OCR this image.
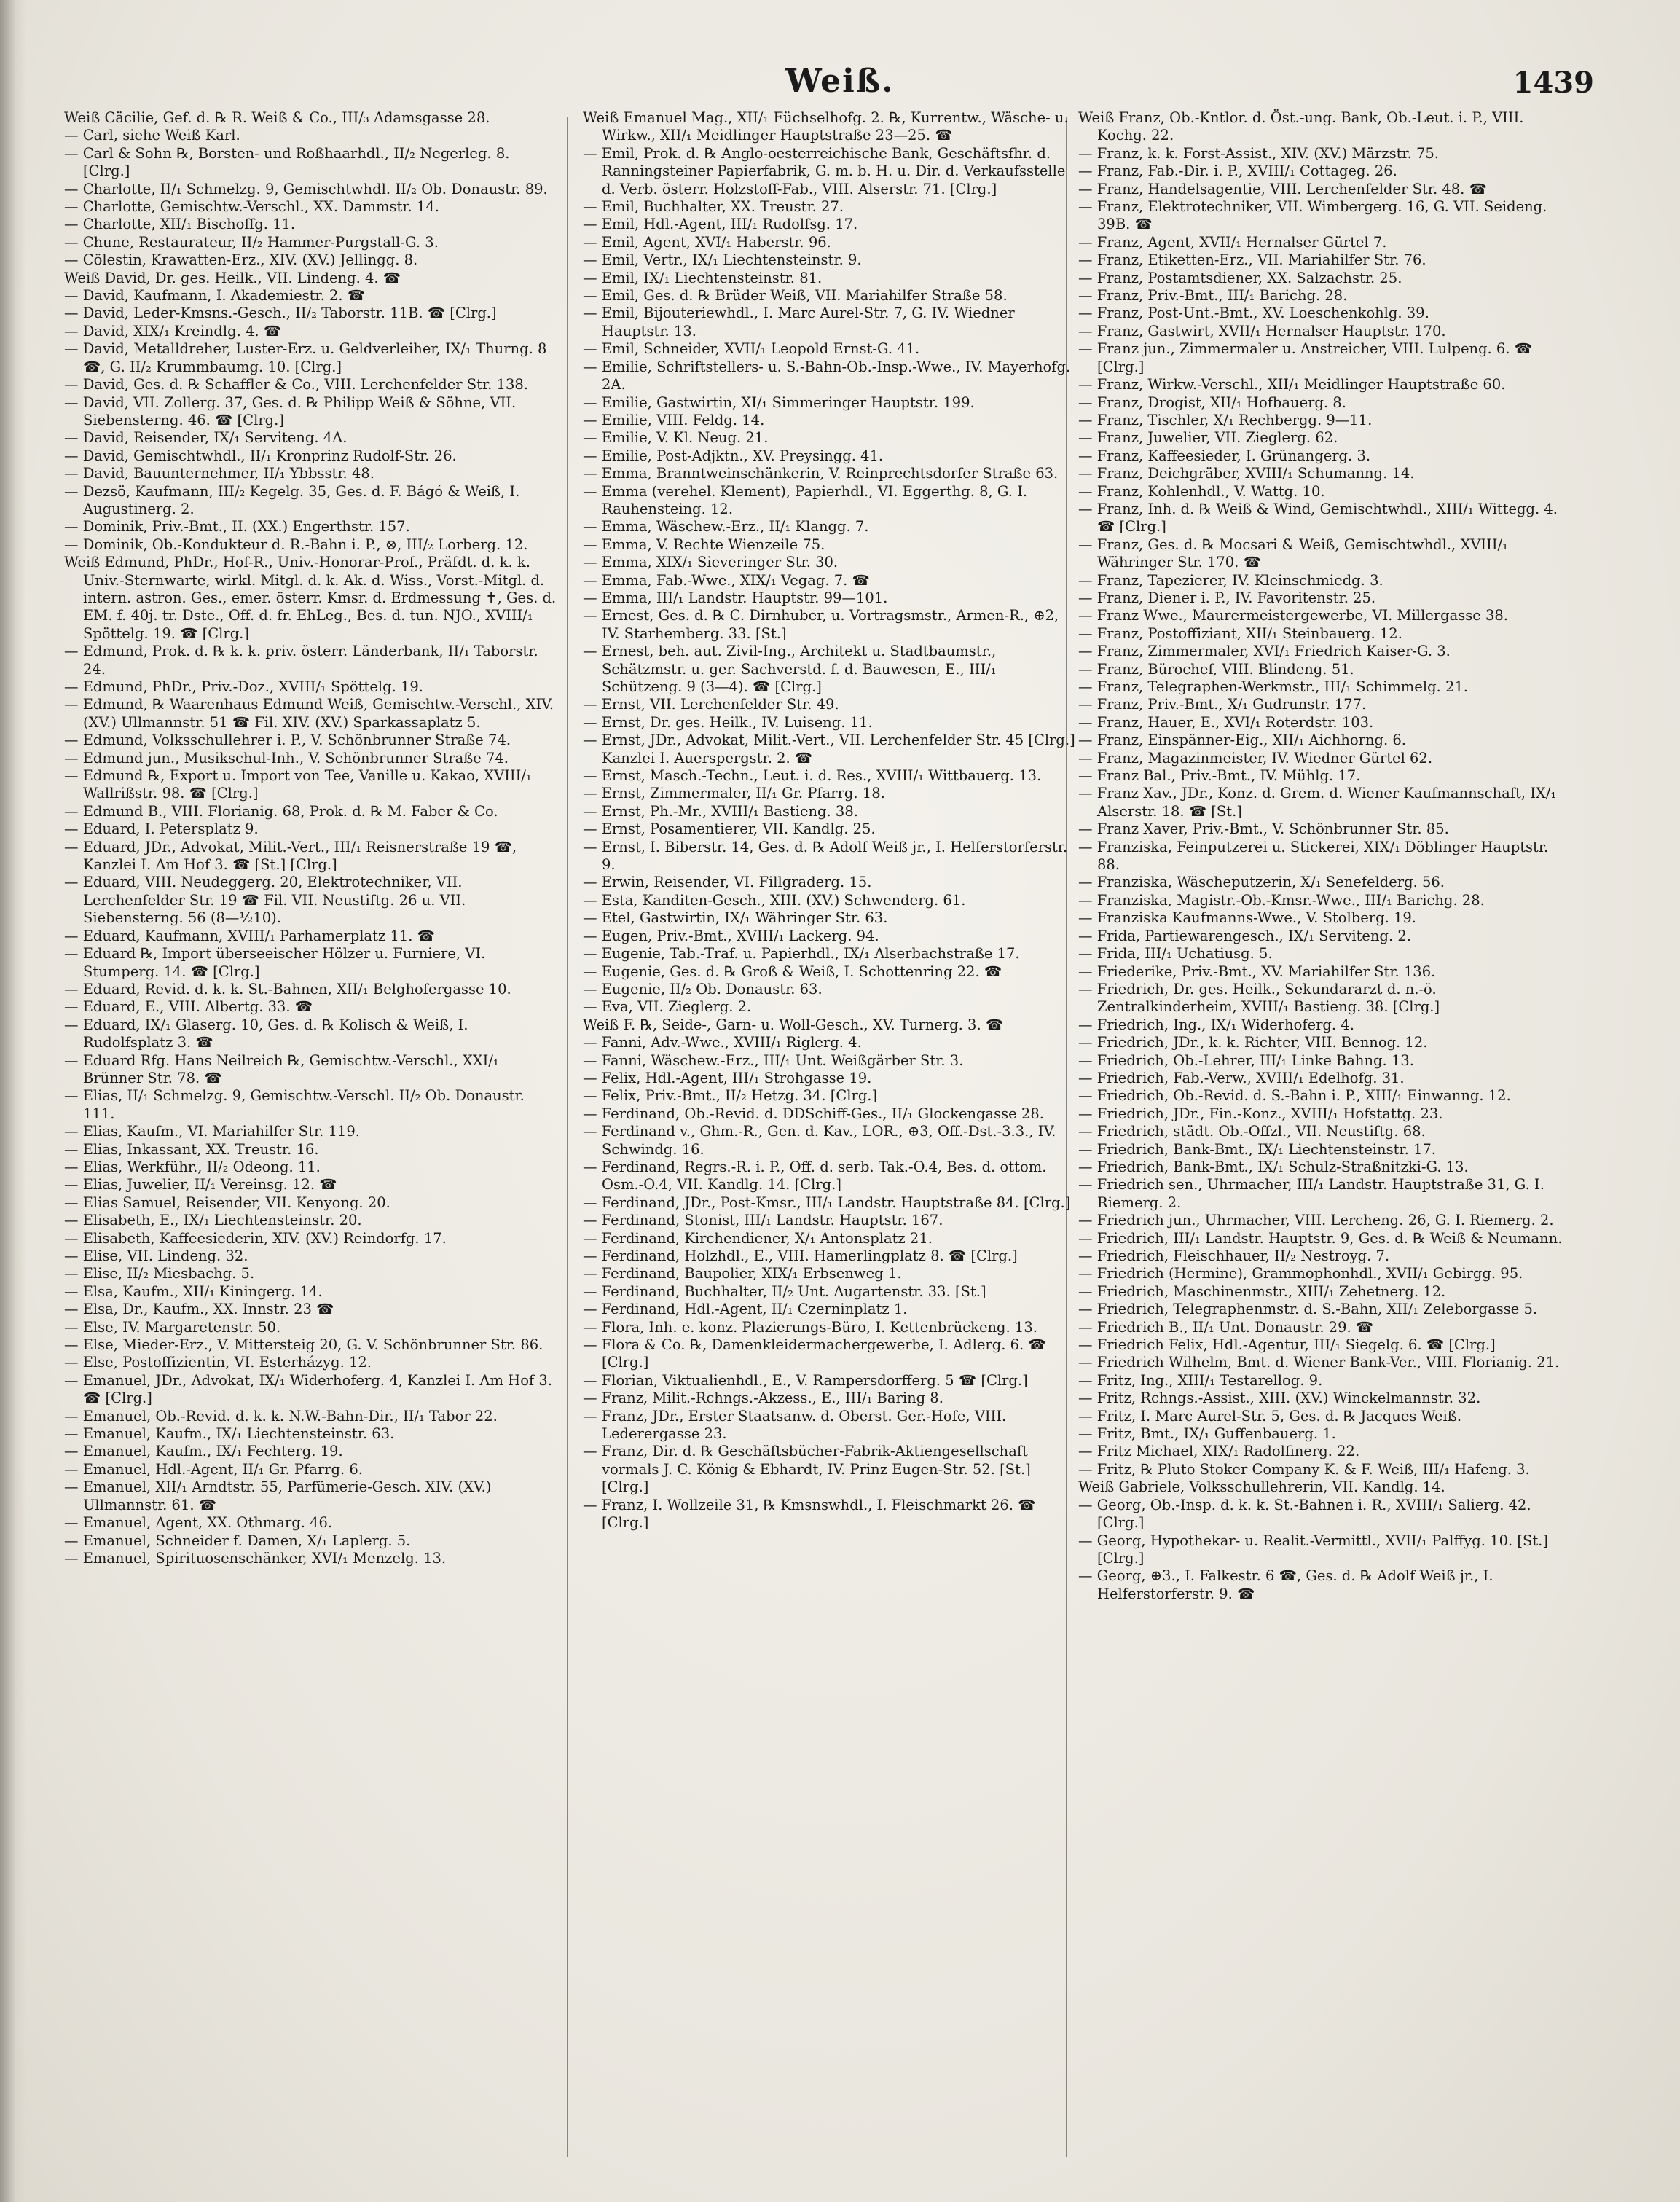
Weiß.	1439

Weiß Cäcilie, Gef. d. ℞ R. Weiß & Co., III/₃ Adamsgasse 28.

— Carl, siehe Weiß Karl.

— Carl & Sohn ℞, Borsten- und Roßhaarhdl., II/₂ Negerleg. 8. [Clrg.]

— Charlotte, II/₁ Schmelzg. 9, Gemischtwhdl. II/₂ Ob. Donaustr. 89.

— Charlotte, Gemischtw.-Verschl., XX. Dammstr. 14.

— Charlotte, XII/₁ Bischoffg. 11.

— Chune, Restaurateur, II/₂ Hammer-Purgstall-G. 3.

— Cölestin, Krawatten-Erz., XIV. (XV.) Jellingg. 8.

Weiß David, Dr. ges. Heilk., VII. Lindeng. 4. ☎

— David, Kaufmann, I. Akademiestr. 2. ☎

— David, Leder-Kmsns.-Gesch., II/₂ Taborstr. 11B. ☎ [Clrg.]

— David, XIX/₁ Kreindlg. 4. ☎

— David, Metalldreher, Luster-Erz. u. Geldverleiher, IX/₁ Thurng. 8 ☎, G. II/₂ Krummbaumg. 10. [Clrg.]

— David, Ges. d. ℞ Schaffler & Co., VIII. Lerchenfelder Str. 138.

— David, VII. Zollerg. 37, Ges. d. ℞ Philipp Weiß & Söhne, VII. Siebensterng. 46. ☎ [Clrg.]

— David, Reisender, IX/₁ Serviteng. 4A.

— David, Gemischtwhdl., II/₁ Kronprinz Rudolf-Str. 26.

— David, Bauunternehmer, II/₁ Ybbsstr. 48.

— Dezsö, Kaufmann, III/₂ Kegelg. 35, Ges. d. F. Bágó & Weiß, I. Augustinerg. 2.

— Dominik, Priv.-Bmt., II. (XX.) Engerthstr. 157.

— Dominik, Ob.-Kondukteur d. R.-Bahn i. P., ⊗, III/₂ Lorberg. 12.

Weiß Edmund, PhDr., Hof-R., Univ.-Honorar-Prof., Präfdt. d. k. k. Univ.-Sternwarte, wirkl. Mitgl. d. k. Ak. d. Wiss., Vorst.-Mitgl. d. intern. astron. Ges., emer. österr. Kmsr. d. Erdmessung ✝, Ges. d. EM. f. 40j. tr. Dste., Off. d. fr. EhLeg., Bes. d. tun. NJO., XVIII/₁ Spöttelg. 19. ☎ [Clrg.]

— Edmund, Prok. d. ℞ k. k. priv. österr. Länderbank, II/₁ Taborstr. 24.

— Edmund, PhDr., Priv.-Doz., XVIII/₁ Spöttelg. 19.

— Edmund, ℞ Waarenhaus Edmund Weiß, Gemischtw.-Verschl., XIV. (XV.) Ullmannstr. 51 ☎ Fil. XIV. (XV.) Sparkassaplatz 5.

— Edmund, Volksschullehrer i. P., V. Schönbrunner Straße 74.

— Edmund jun., Musikschul-Inh., V. Schönbrunner Straße 74.

— Edmund ℞, Export u. Import von Tee, Vanille u. Kakao, XVIII/₁ Wallrißstr. 98. ☎ [Clrg.]

— Edmund B., VIII. Florianig. 68, Prok. d. ℞ M. Faber & Co.

— Eduard, I. Petersplatz 9.

— Eduard, JDr., Advokat, Milit.-Vert., III/₁ Reisnerstraße 19 ☎, Kanzlei I. Am Hof 3. ☎ [St.] [Clrg.]

— Eduard, VIII. Neudeggerg. 20, Elektrotechniker, VII. Lerchenfelder Str. 19 ☎ Fil. VII. Neustiftg. 26 u. VII. Siebensterng. 56 (8—½10).

— Eduard, Kaufmann, XVIII/₁ Parhamerplatz 11. ☎

— Eduard ℞, Import überseeischer Hölzer u. Furniere, VI. Stumperg. 14. ☎ [Clrg.]

— Eduard, Revid. d. k. k. St.-Bahnen, XII/₁ Belghofergasse 10.

— Eduard, E., VIII. Albertg. 33. ☎

— Eduard, IX/₁ Glaserg. 10, Ges. d. ℞ Kolisch & Weiß, I. Rudolfsplatz 3. ☎

— Eduard Rfg. Hans Neilreich ℞, Gemischtw.-Verschl., XXI/₁ Brünner Str. 78. ☎

— Elias, II/₁ Schmelzg. 9, Gemischtw.-Verschl. II/₂ Ob. Donaustr. 111.

— Elias, Kaufm., VI. Mariahilfer Str. 119.

— Elias, Inkassant, XX. Treustr. 16.

— Elias, Werkführ., II/₂ Odeong. 11.

— Elias, Juwelier, II/₁ Vereinsg. 12. ☎

— Elias Samuel, Reisender, VII. Kenyong. 20.

— Elisabeth, E., IX/₁ Liechtensteinstr. 20.

— Elisabeth, Kaffeesiederin, XIV. (XV.) Reindorfg. 17.

— Elise, VII. Lindeng. 32.

— Elise, II/₂ Miesbachg. 5.

— Elsa, Kaufm., XII/₁ Kiningerg. 14.

— Elsa, Dr., Kaufm., XX. Innstr. 23 ☎

— Else, IV. Margaretenstr. 50.

— Else, Mieder-Erz., V. Mittersteig 20, G. V. Schönbrunner Str. 86.

— Else, Postoffizientin, VI. Esterházyg. 12.

— Emanuel, JDr., Advokat, IX/₁ Widerhoferg. 4, Kanzlei I. Am Hof 3. ☎ [Clrg.]

— Emanuel, Ob.-Revid. d. k. k. N.W.-Bahn-Dir., II/₁ Tabor 22.

— Emanuel, Kaufm., IX/₁ Liechtensteinstr. 63.

— Emanuel, Kaufm., IX/₁ Fechterg. 19.

— Emanuel, Hdl.-Agent, II/₁ Gr. Pfarrg. 6.

— Emanuel, XII/₁ Arndtstr. 55, Parfümerie-Gesch. XIV. (XV.) Ullmannstr. 61. ☎

— Emanuel, Agent, XX. Othmarg. 46.

— Emanuel, Schneider f. Damen, X/₁ Laplerg. 5.

— Emanuel, Spirituosenschänker, XVI/₁ Menzelg. 13.

Weiß Emanuel Mag., XII/₁ Füchselhofg. 2. ℞, Kurrentw., Wäsche- u. Wirkw., XII/₁ Meidlinger Hauptstraße 23—25. ☎

— Emil, Prok. d. ℞ Anglo-oesterreichische Bank, Geschäftsfhr. d. Ranningsteiner Papierfabrik, G. m. b. H. u. Dir. d. Verkaufsstelle d. Verb. österr. Holzstoff-Fab., VIII. Alserstr. 71. [Clrg.]

— Emil, Buchhalter, XX. Treustr. 27.

— Emil, Hdl.-Agent, III/₁ Rudolfsg. 17.

— Emil, Agent, XVI/₁ Haberstr. 96.

— Emil, Vertr., IX/₁ Liechtensteinstr. 9.

— Emil, IX/₁ Liechtensteinstr. 81.

— Emil, Ges. d. ℞ Brüder Weiß, VII. Mariahilfer Straße 58.

— Emil, Bijouteriewhdl., I. Marc Aurel-Str. 7, G. IV. Wiedner Hauptstr. 13.

— Emil, Schneider, XVII/₁ Leopold Ernst-G. 41.

— Emilie, Schriftstellers- u. S.-Bahn-Ob.-Insp.-Wwe., IV. Mayerhofg. 2A.

— Emilie, Gastwirtin, XI/₁ Simmeringer Hauptstr. 199.

— Emilie, VIII. Feldg. 14.

— Emilie, V. Kl. Neug. 21.

— Emilie, Post-Adjktn., XV. Preysingg. 41.

— Emma, Branntweinschänkerin, V. Reinprechtsdorfer Straße 63.

— Emma (verehel. Klement), Papierhdl., VI. Eggerthg. 8, G. I. Rauhensteing. 12.

— Emma, Wäschew.-Erz., II/₁ Klangg. 7.

— Emma, V. Rechte Wienzeile 75.

— Emma, XIX/₁ Sieveringer Str. 30.

— Emma, Fab.-Wwe., XIX/₁ Vegag. 7. ☎

— Emma, III/₁ Landstr. Hauptstr. 99—101.

— Ernest, Ges. d. ℞ C. Dirnhuber, u. Vortragsmstr., Armen-R., ⊕2, IV. Starhemberg. 33. [St.]

— Ernest, beh. aut. Zivil-Ing., Architekt u. Stadtbaumstr., Schätzmstr. u. ger. Sachverstd. f. d. Bauwesen, E., III/₁ Schützeng. 9 (3—4). ☎ [Clrg.]

— Ernst, VII. Lerchenfelder Str. 49.

— Ernst, Dr. ges. Heilk., IV. Luiseng. 11.

— Ernst, JDr., Advokat, Milit.-Vert., VII. Lerchenfelder Str. 45 [Clrg.] Kanzlei I. Auerspergstr. 2. ☎

— Ernst, Masch.-Techn., Leut. i. d. Res., XVIII/₁ Wittbauerg. 13.

— Ernst, Zimmermaler, II/₁ Gr. Pfarrg. 18.

— Ernst, Ph.-Mr., XVIII/₁ Bastieng. 38.

— Ernst, Posamentierer, VII. Kandlg. 25.

— Ernst, I. Biberstr. 14, Ges. d. ℞ Adolf Weiß jr., I. Helferstorferstr. 9.

— Erwin, Reisender, VI. Fillgraderg. 15.

— Esta, Kanditen-Gesch., XIII. (XV.) Schwenderg. 61.

— Etel, Gastwirtin, IX/₁ Währinger Str. 63.

— Eugen, Priv.-Bmt., XVIII/₁ Lackerg. 94.

— Eugenie, Tab.-Traf. u. Papierhdl., IX/₁ Alserbachstraße 17.

— Eugenie, Ges. d. ℞ Groß & Weiß, I. Schottenring 22. ☎

— Eugenie, II/₂ Ob. Donaustr. 63.

— Eva, VII. Zieglerg. 2.

Weiß F. ℞, Seide-, Garn- u. Woll-Gesch., XV. Turnerg. 3. ☎

— Fanni, Adv.-Wwe., XVIII/₁ Riglerg. 4.

— Fanni, Wäschew.-Erz., III/₁ Unt. Weißgärber Str. 3.

— Felix, Hdl.-Agent, III/₁ Strohgasse 19.

— Felix, Priv.-Bmt., II/₂ Hetzg. 34. [Clrg.]

— Ferdinand, Ob.-Revid. d. DDSchiff-Ges., II/₁ Glockengasse 28.

— Ferdinand v., Ghm.-R., Gen. d. Kav., LOR., ⊕3, Off.-Dst.-3.3., IV. Schwindg. 16.

— Ferdinand, Regrs.-R. i. P., Off. d. serb. Tak.-O.4, Bes. d. ottom. Osm.-O.4, VII. Kandlg. 14. [Clrg.]

— Ferdinand, JDr., Post-Kmsr., III/₁ Landstr. Hauptstraße 84. [Clrg.]

— Ferdinand, Stonist, III/₁ Landstr. Hauptstr. 167.

— Ferdinand, Kirchendiener, X/₁ Antonsplatz 21.

— Ferdinand, Holzhdl., E., VIII. Hamerlingplatz 8. ☎ [Clrg.]

— Ferdinand, Baupolier, XIX/₁ Erbsenweg 1.

— Ferdinand, Buchhalter, II/₂ Unt. Augartenstr. 33. [St.]

— Ferdinand, Hdl.-Agent, II/₁ Czerninplatz 1.

— Flora, Inh. e. konz. Plazierungs-Büro, I. Kettenbrückeng. 13.

— Flora & Co. ℞, Damenkleidermachergewerbe, I. Adlerg. 6. ☎ [Clrg.]

— Florian, Viktualienhdl., E., V. Rampersdorfferg. 5 ☎ [Clrg.]

— Franz, Milit.-Rchngs.-Akzess., E., III/₁ Baring 8.

— Franz, JDr., Erster Staatsanw. d. Oberst. Ger.-Hofe, VIII. Lederergasse 23.

— Franz, Dir. d. ℞ Geschäftsbücher-Fabrik-Aktiengesellschaft vormals J. C. König & Ebhardt, IV. Prinz Eugen-Str. 52. [St.] [Clrg.]

— Franz, I. Wollzeile 31, ℞ Kmsnswhdl., I. Fleischmarkt 26. ☎ [Clrg.]

Weiß Franz, Ob.-Kntlor. d. Öst.-ung. Bank, Ob.-Leut. i. P., VIII. Kochg. 22.

— Franz, k. k. Forst-Assist., XIV. (XV.) Märzstr. 75.

— Franz, Fab.-Dir. i. P., XVIII/₁ Cottageg. 26.

— Franz, Handelsagentie, VIII. Lerchenfelder Str. 48. ☎

— Franz, Elektrotechniker, VII. Wimbergerg. 16, G. VII. Seideng. 39B. ☎

— Franz, Agent, XVII/₁ Hernalser Gürtel 7.

— Franz, Etiketten-Erz., VII. Mariahilfer Str. 76.

— Franz, Postamtsdiener, XX. Salzachstr. 25.

— Franz, Priv.-Bmt., III/₁ Barichg. 28.

— Franz, Post-Unt.-Bmt., XV. Loeschenkohlg. 39.

— Franz, Gastwirt, XVII/₁ Hernalser Hauptstr. 170.

— Franz jun., Zimmermaler u. Anstreicher, VIII. Lulpeng. 6. ☎ [Clrg.]

— Franz, Wirkw.-Verschl., XII/₁ Meidlinger Hauptstraße 60.

— Franz, Drogist, XII/₁ Hofbauerg. 8.

— Franz, Tischler, X/₁ Rechbergg. 9—11.

— Franz, Juwelier, VII. Zieglerg. 62.

— Franz, Kaffeesieder, I. Grünangerg. 3.

— Franz, Deichgräber, XVIII/₁ Schumanng. 14.

— Franz, Kohlenhdl., V. Wattg. 10.

— Franz, Inh. d. ℞ Weiß & Wind, Gemischtwhdl., XIII/₁ Wittegg. 4. ☎ [Clrg.]

— Franz, Ges. d. ℞ Mocsari & Weiß, Gemischtwhdl., XVIII/₁ Währinger Str. 170. ☎

— Franz, Tapezierer, IV. Kleinschmiedg. 3.

— Franz, Diener i. P., IV. Favoritenstr. 25.

— Franz Wwe., Maurermeistergewerbe, VI. Millergasse 38.

— Franz, Postoffiziant, XII/₁ Steinbauerg. 12.

— Franz, Zimmermaler, XVI/₁ Friedrich Kaiser-G. 3.

— Franz, Bürochef, VIII. Blindeng. 51.

— Franz, Telegraphen-Werkmstr., III/₁ Schimmelg. 21.

— Franz, Priv.-Bmt., X/₁ Gudrunstr. 177.

— Franz, Hauer, E., XVI/₁ Roterdstr. 103.

— Franz, Einspänner-Eig., XII/₁ Aichhorng. 6.

— Franz, Magazinmeister, IV. Wiedner Gürtel 62.

— Franz Bal., Priv.-Bmt., IV. Mühlg. 17.

— Franz Xav., JDr., Konz. d. Grem. d. Wiener Kaufmannschaft, IX/₁ Alserstr. 18. ☎ [St.]

— Franz Xaver, Priv.-Bmt., V. Schönbrunner Str. 85.

— Franziska, Feinputzerei u. Stickerei, XIX/₁ Döblinger Hauptstr. 88.

— Franziska, Wäscheputzerin, X/₁ Senefelderg. 56.

— Franziska, Magistr.-Ob.-Kmsr.-Wwe., III/₁ Barichg. 28.

— Franziska Kaufmanns-Wwe., V. Stolberg. 19.

— Frida, Partiewarengesch., IX/₁ Serviteng. 2.

— Frida, III/₁ Uchatiusg. 5.

— Friederike, Priv.-Bmt., XV. Mariahilfer Str. 136.

— Friedrich, Dr. ges. Heilk., Sekundararzt d. n.-ö. Zentralkinderheim, XVIII/₁ Bastieng. 38. [Clrg.]

— Friedrich, Ing., IX/₁ Widerhoferg. 4.

— Friedrich, JDr., k. k. Richter, VIII. Bennog. 12.

— Friedrich, Ob.-Lehrer, III/₁ Linke Bahng. 13.

— Friedrich, Fab.-Verw., XVIII/₁ Edelhofg. 31.

— Friedrich, Ob.-Revid. d. S.-Bahn i. P., XIII/₁ Einwanng. 12.

— Friedrich, JDr., Fin.-Konz., XVIII/₁ Hofstattg. 23.

— Friedrich, städt. Ob.-Offzl., VII. Neustiftg. 68.

— Friedrich, Bank-Bmt., IX/₁ Liechtensteinstr. 17.

— Friedrich, Bank-Bmt., IX/₁ Schulz-Straßnitzki-G. 13.

— Friedrich sen., Uhrmacher, III/₁ Landstr. Hauptstraße 31, G. I. Riemerg. 2.

— Friedrich jun., Uhrmacher, VIII. Lercheng. 26, G. I. Riemerg. 2.

— Friedrich, III/₁ Landstr. Hauptstr. 9, Ges. d. ℞ Weiß & Neumann.

— Friedrich, Fleischhauer, II/₂ Nestroyg. 7.

— Friedrich (Hermine), Grammophonhdl., XVII/₁ Gebirgg. 95.

— Friedrich, Maschinenmstr., XIII/₁ Zehetnerg. 12.

— Friedrich, Telegraphenmstr. d. S.-Bahn, XII/₁ Zeleborgasse 5.

— Friedrich B., II/₁ Unt. Donaustr. 29. ☎

— Friedrich Felix, Hdl.-Agentur, III/₁ Siegelg. 6. ☎ [Clrg.]

— Friedrich Wilhelm, Bmt. d. Wiener Bank-Ver., VIII. Florianig. 21.

— Fritz, Ing., XIII/₁ Testarellog. 9.

— Fritz, Rchngs.-Assist., XIII. (XV.) Winckelmannstr. 32.

— Fritz, I. Marc Aurel-Str. 5, Ges. d. ℞ Jacques Weiß.

— Fritz, Bmt., IX/₁ Guffenbauerg. 1.

— Fritz Michael, XIX/₁ Radolfinerg. 22.

— Fritz, ℞ Pluto Stoker Company K. & F. Weiß, III/₁ Hafeng. 3.

Weiß Gabriele, Volksschullehrerin, VII. Kandlg. 14.

— Georg, Ob.-Insp. d. k. k. St.-Bahnen i. R., XVIII/₁ Salierg. 42. [Clrg.]

— Georg, Hypothekar- u. Realit.-Vermittl., XVII/₁ Palffyg. 10. [St.] [Clrg.]

— Georg, ⊕3., I. Falkestr. 6 ☎, Ges. d. ℞ Adolf Weiß jr., I. Helferstorferstr. 9. ☎
